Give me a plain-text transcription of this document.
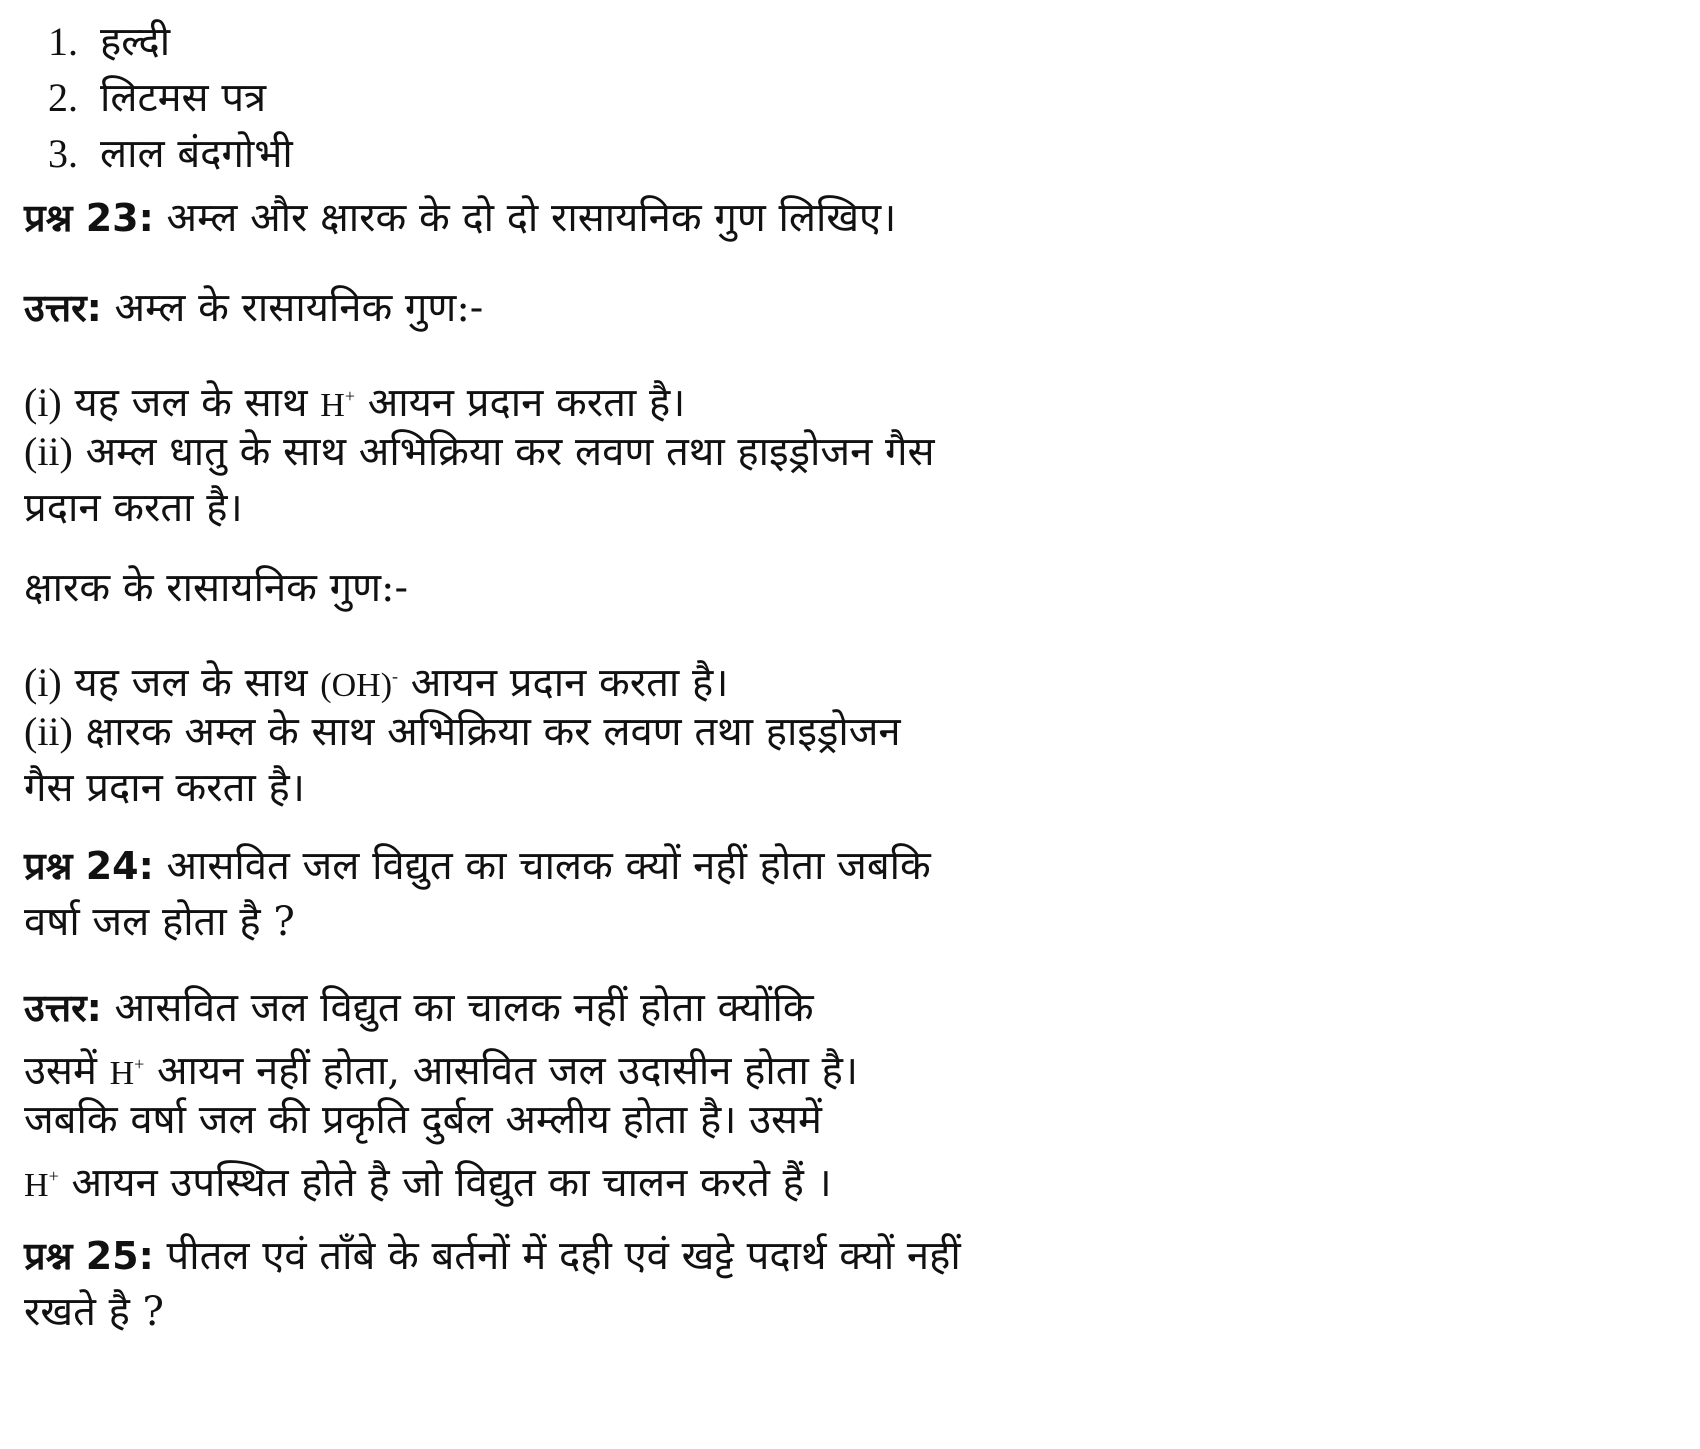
1. हल्दी
2. लिटमस पत्र
3. लाल बंदगोभी
प्रश्न 23: अम्ल और क्षारक के दो दो रासायनिक गुण लिखिए।
उत्तर: अम्ल के रासायनिक गुण:-
(i) यह जल के साथ H+ आयन प्रदान करता है।
(ii) अम्ल धातु के साथ अभिक्रिया कर लवण तथा हाइड्रोजन गैस
प्रदान करता है।
क्षारक के रासायनिक गुण:-
(i) यह जल के साथ (OH)- आयन प्रदान करता है।
(ii) क्षारक अम्ल के साथ अभिक्रिया कर लवण तथा हाइड्रोजन
गैस प्रदान करता है।
प्रश्न 24: आसवित जल विद्युत का चालक क्यों नहीं होता जबकि
वर्षा जल होता है ?
उत्तर: आसवित जल विद्युत का चालक नहीं होता क्योंकि
उसमें H+ आयन नहीं होता, आसवित जल उदासीन होता है।
जबकि वर्षा जल की प्रकृति दुर्बल अम्लीय होता है। उसमें
H+ आयन उपस्थित होते है जो विद्युत का चालन करते हैं ।
प्रश्न 25: पीतल एवं ताँबे के बर्तनों में दही एवं खट्टे पदार्थ क्यों नहीं
रखते है ?
